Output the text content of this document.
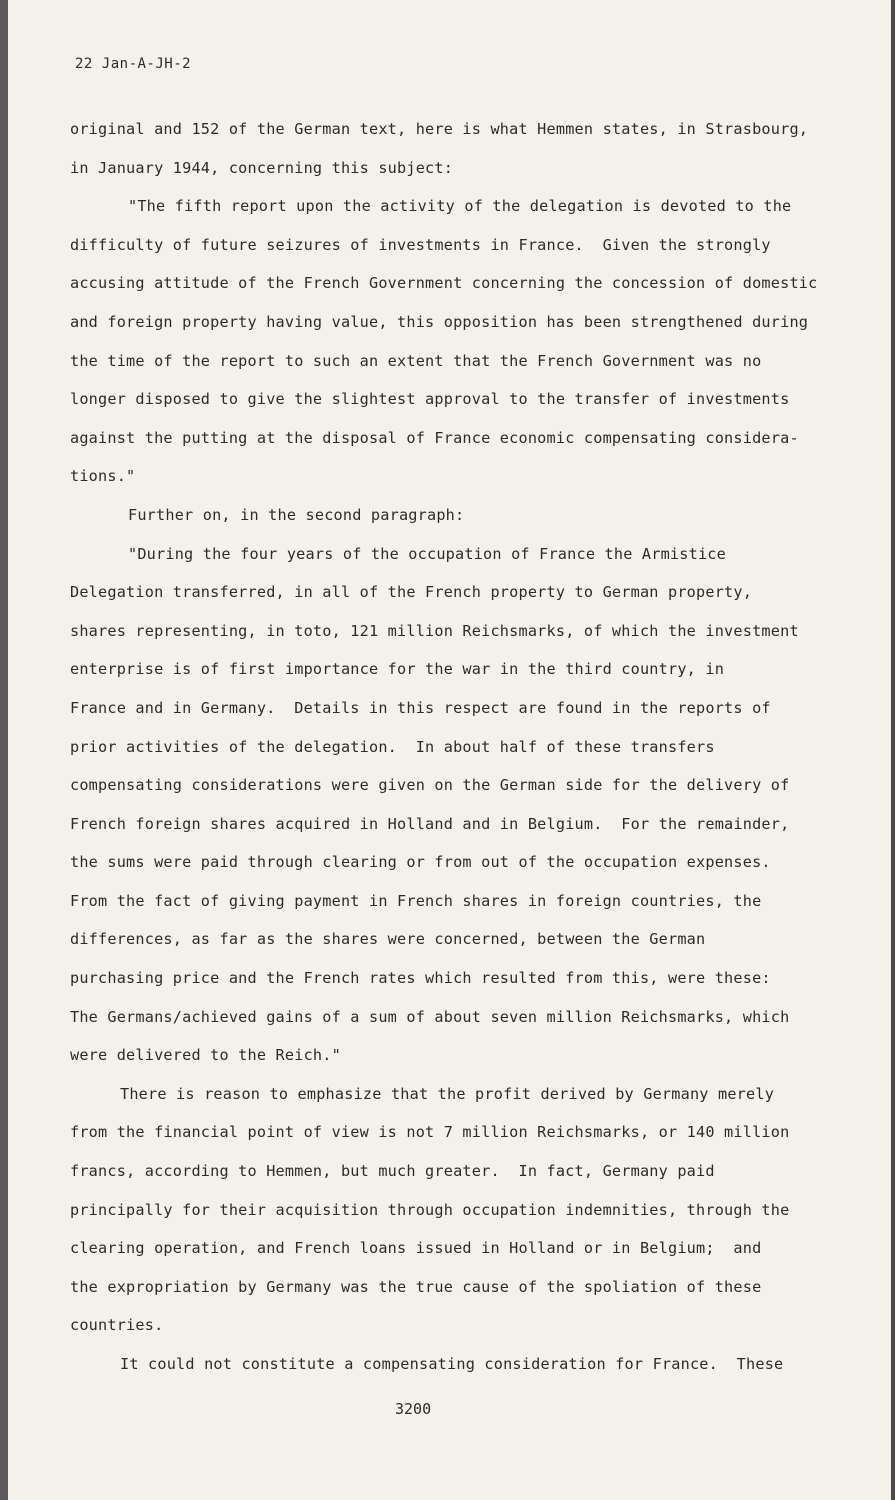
22 Jan-A-JH-2

original and 152 of the German text, here is what Hemmen states, in Strasbourg,

in January 1944, concerning this subject:

"The fifth report upon the activity of the delegation is devoted to the

difficulty of future seizures of investments in France.  Given the strongly

accusing attitude of the French Government concerning the concession of domestic

and foreign property having value, this opposition has been strengthened during

the time of the report to such an extent that the French Government was no

longer disposed to give the slightest approval to the transfer of investments

against the putting at the disposal of France economic compensating considera-

tions."

Further on, in the second paragraph:

"During the four years of the occupation of France the Armistice

Delegation transferred, in all of the French property to German property,

shares representing, in toto, 121 million Reichsmarks, of which the investment

enterprise is of first importance for the war in the third country, in

France and in Germany.  Details in this respect are found in the reports of

prior activities of the delegation.  In about half of these transfers

compensating considerations were given on the German side for the delivery of

French foreign shares acquired in Holland and in Belgium.  For the remainder,

the sums were paid through clearing or from out of the occupation expenses.

From the fact of giving payment in French shares in foreign countries, the

differences, as far as the shares were concerned, between the German

purchasing price and the French rates which resulted from this, were these:

The Germans/achieved gains of a sum of about seven million Reichsmarks, which

were delivered to the Reich."

There is reason to emphasize that the profit derived by Germany merely

from the financial point of view is not 7 million Reichsmarks, or 140 million

francs, according to Hemmen, but much greater.  In fact, Germany paid

principally for their acquisition through occupation indemnities, through the

clearing operation, and French loans issued in Holland or in Belgium;  and

the expropriation by Germany was the true cause of the spoliation of these

countries.

It could not constitute a compensating consideration for France.  These

3200
